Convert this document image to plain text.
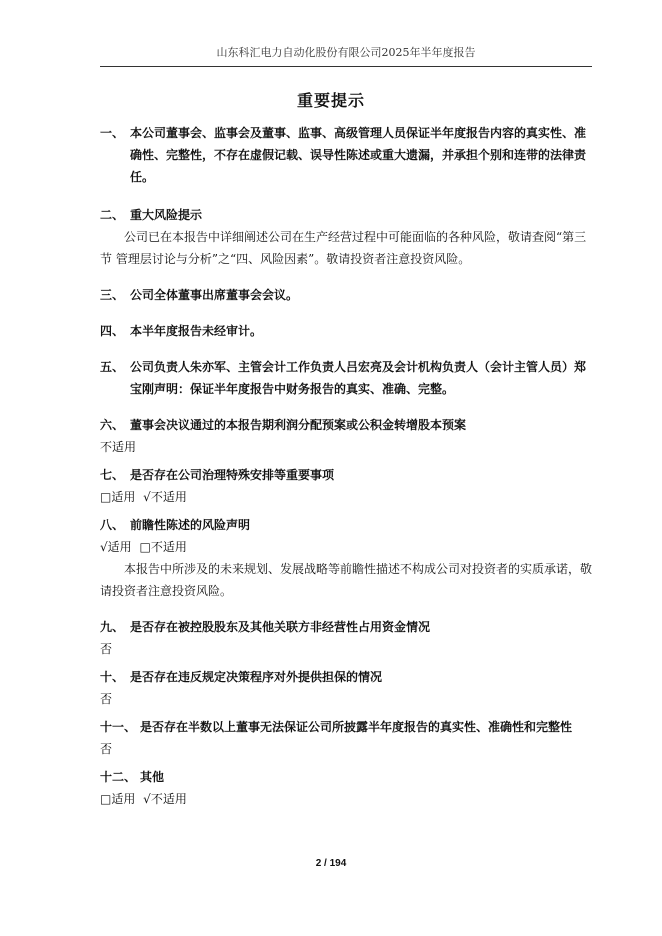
山东科汇电力自动化股份有限公司2025年半年度报告
重要提示
一、 本公司董事会、监事会及董事、监事、高级管理人员保证半年度报告内容的真实性、准确性、完整性，不存在虚假记载、误导性陈述或重大遗漏，并承担个别和连带的法律责任。
二、 重大风险提示
公司已在本报告中详细阐述公司在生产经营过程中可能面临的各种风险，敬请查阅“第三节 管理层讨论与分析”之“四、风险因素”。敬请投资者注意投资风险。
三、 公司全体董事出席董事会会议。
四、 本半年度报告未经审计。
五、 公司负责人朱亦军、主管会计工作负责人吕宏亮及会计机构负责人（会计主管人员）郑宝刚声明：保证半年度报告中财务报告的真实、准确、完整。
六、 董事会决议通过的本报告期利润分配预案或公积金转增股本预案
不适用
七、 是否存在公司治理特殊安排等重要事项
□适用 √不适用
八、 前瞻性陈述的风险声明
√适用 □不适用
本报告中所涉及的未来规划、发展战略等前瞻性描述不构成公司对投资者的实质承诺，敬请投资者注意投资风险。
九、 是否存在被控股股东及其他关联方非经营性占用资金情况
否
十、 是否存在违反规定决策程序对外提供担保的情况
否
十一、 是否存在半数以上董事无法保证公司所披露半年度报告的真实性、准确性和完整性
否
十二、 其他
□适用 √不适用
2 / 194
